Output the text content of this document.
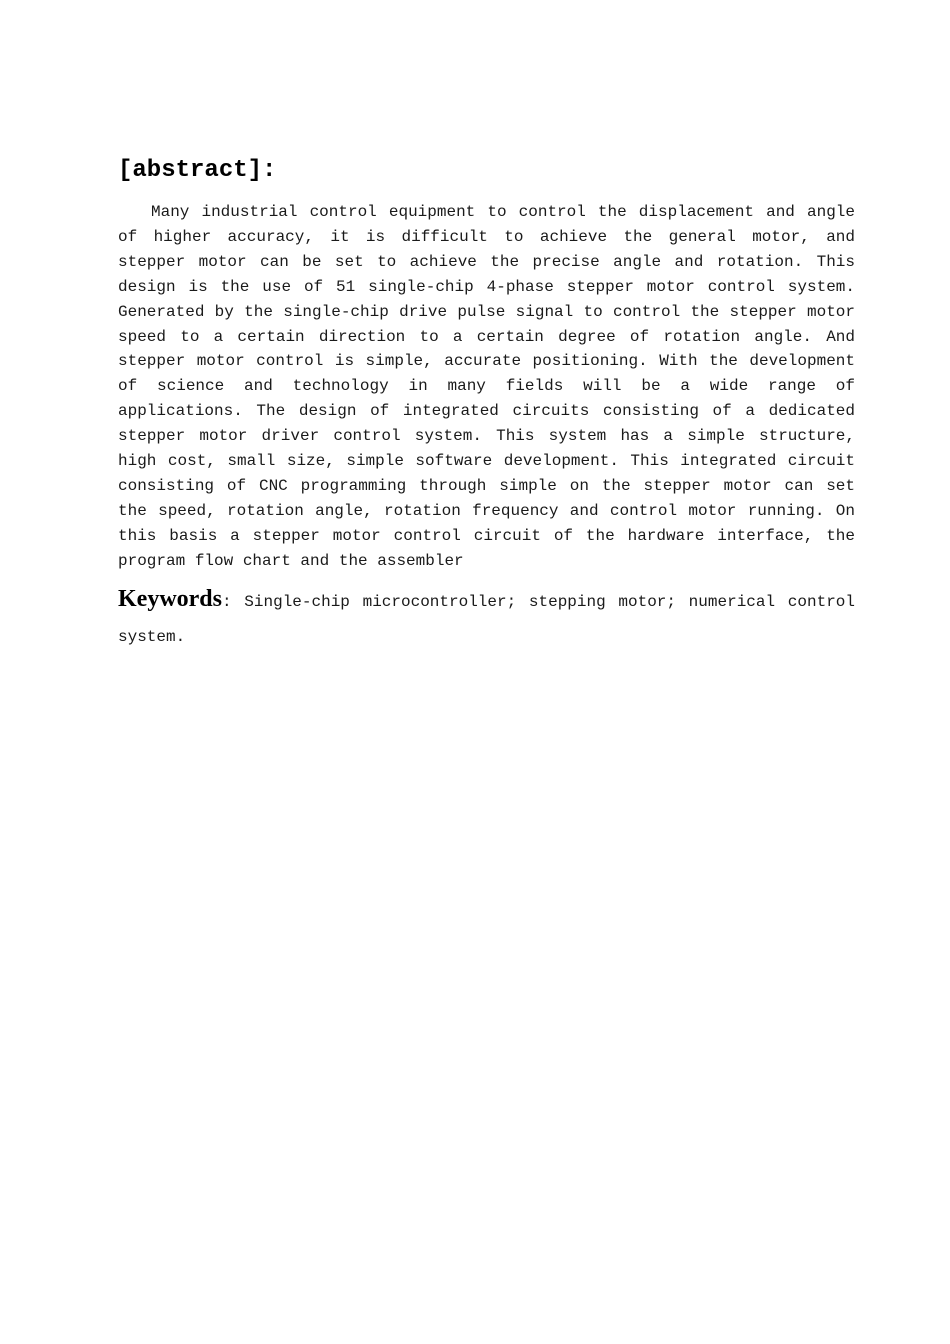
[abstract]:

Many industrial control equipment to control the displacement and angle of higher accuracy, it is difficult to achieve the general motor, and stepper motor can be set to achieve the precise angle and rotation. This design is the use of 51 single-chip 4-phase stepper motor control system. Generated by the single-chip drive pulse signal to control the stepper motor speed to a certain direction to a certain degree of rotation angle. And stepper motor control is simple, accurate positioning. With the development of science and technology in many fields will be a wide range of applications. The design of integrated circuits consisting of a dedicated stepper motor driver control system. This system has a simple structure, high cost, small size, simple software development. This integrated circuit consisting of CNC programming through simple on the stepper motor can set the speed, rotation angle, rotation frequency and control motor running. On this basis a stepper motor control circuit of the hardware interface, the program flow chart and the assembler

Keywords: Single-chip microcontroller; stepping motor; numerical control system.
